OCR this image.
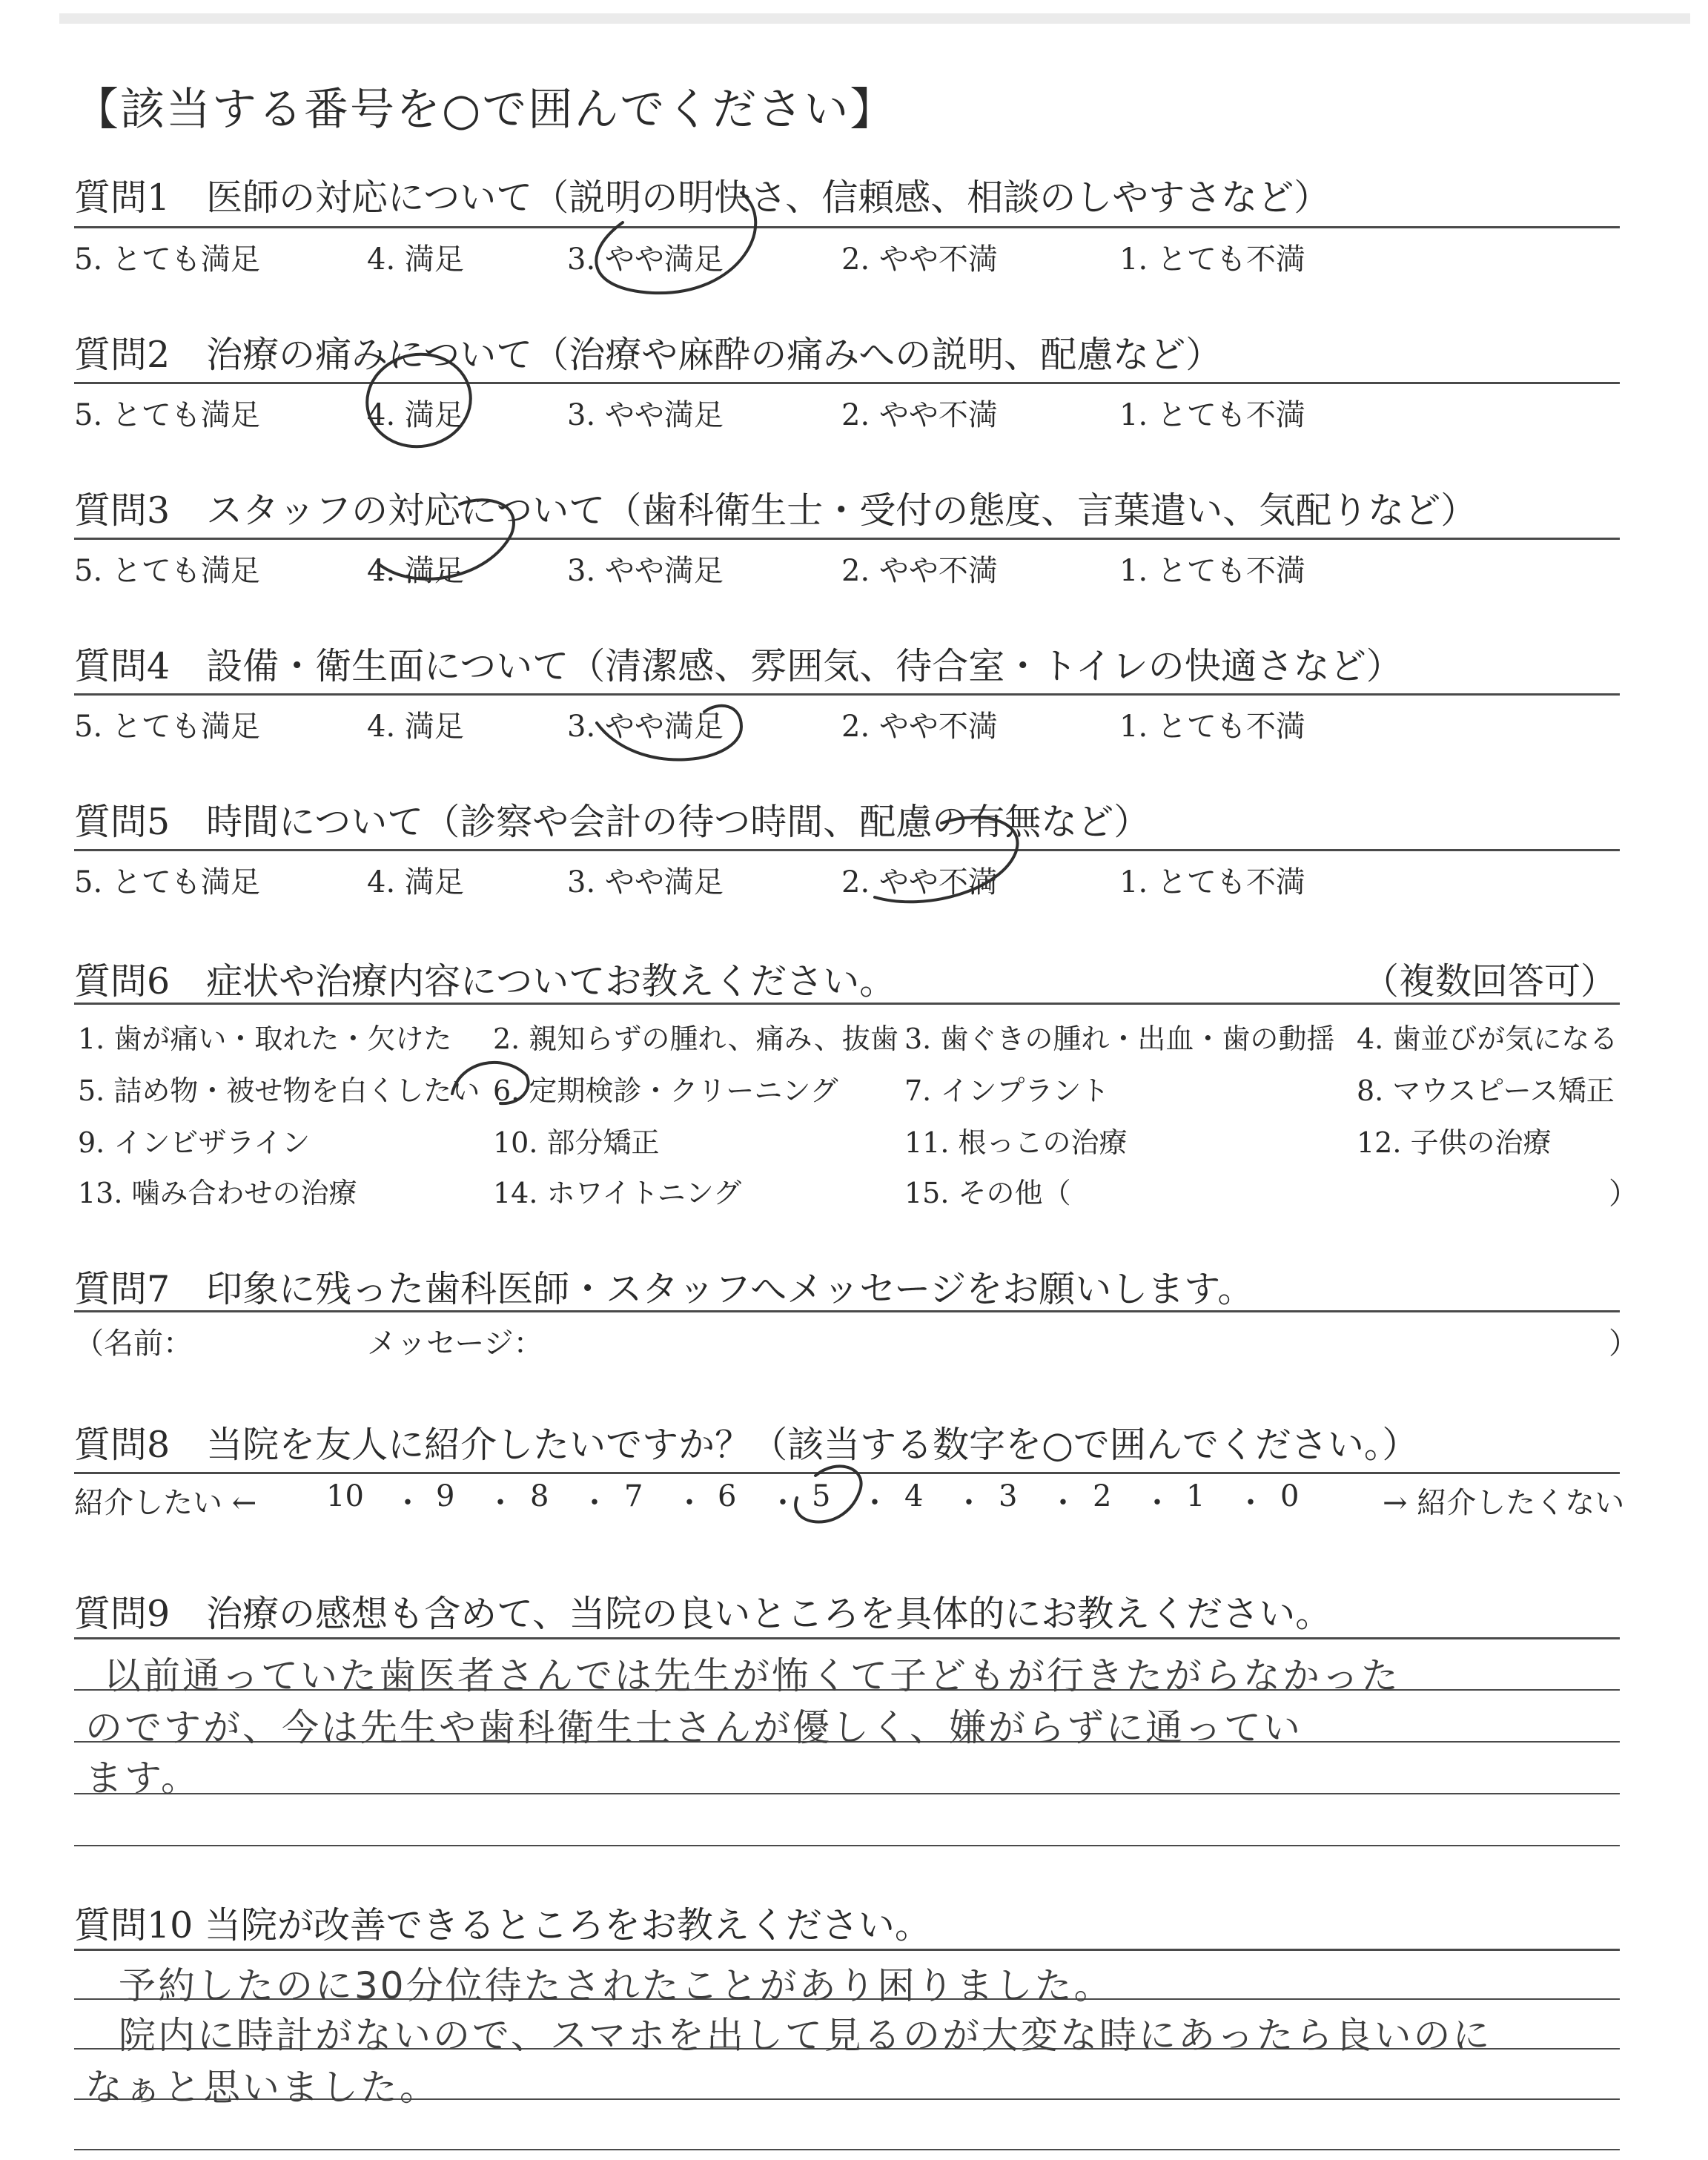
【該当する番号を○で囲んでください】
質問1　医師の対応について（説明の明快さ、信頼感、相談のしやすさなど）
5. とても満足	4. 満足	3. やや満足	2. やや不満	1. とても不満
質問2　治療の痛みについて（治療や麻酔の痛みへの説明、配慮など）
5. とても満足	4. 満足	3. やや満足	2. やや不満	1. とても不満
質問3　スタッフの対応について（歯科衛生士・受付の態度、言葉遣い、気配りなど）
5. とても満足	4. 満足	3. やや満足	2. やや不満	1. とても不満
質問4　設備・衛生面について（清潔感、雰囲気、待合室・トイレの快適さなど）
5. とても満足	4. 満足	3. やや満足	2. やや不満	1. とても不満
質問5　時間について（診察や会計の待つ時間、配慮の有無など）
5. とても満足	4. 満足	3. やや満足	2. やや不満	1. とても不満
質問6　症状や治療内容についてお教えください。	（複数回答可）
1. 歯が痛い・取れた・欠けた 2. 親知らずの腫れ、痛み、抜歯 3. 歯ぐきの腫れ・出血・歯の動揺 4. 歯並びが気になる
5. 詰め物・被せ物を白くしたい 6. 定期検診・クリーニング 7. インプラント	8. マウスピース矯正
9. インビザライン	10. 部分矯正	11. 根っこの治療	12. 子供の治療
13. 噛み合わせの治療	14. ホワイトニング	15. その他（	）
質問7　印象に残った歯科医師・スタッフへメッセージをお願いします。
（名前：	メッセージ：	）
質問8　当院を友人に紹介したいですか？（該当する数字を○で囲んでください。）
紹介したい ←	→ 紹介したくない
10 ・ 9 ・ 8 ・ 7 ・ 6 ・ 5 ・ 4 ・ 3 ・ 2 ・ 1 ・ 0
質問9　治療の感想も含めて、当院の良いところを具体的にお教えください。
以前通っていた歯医者さんでは先生が怖くて子どもが行きたがらなかった
のですが、今は先生や歯科衛生士さんが優しく、嫌がらずに通ってい
ます。
質問10 当院が改善できるところをお教えください。
予約したのに30分位待たされたことがあり困りました。
院内に時計がないので、スマホを出して見るのが大変な時にあったら良いのに
なぁと思いました。
